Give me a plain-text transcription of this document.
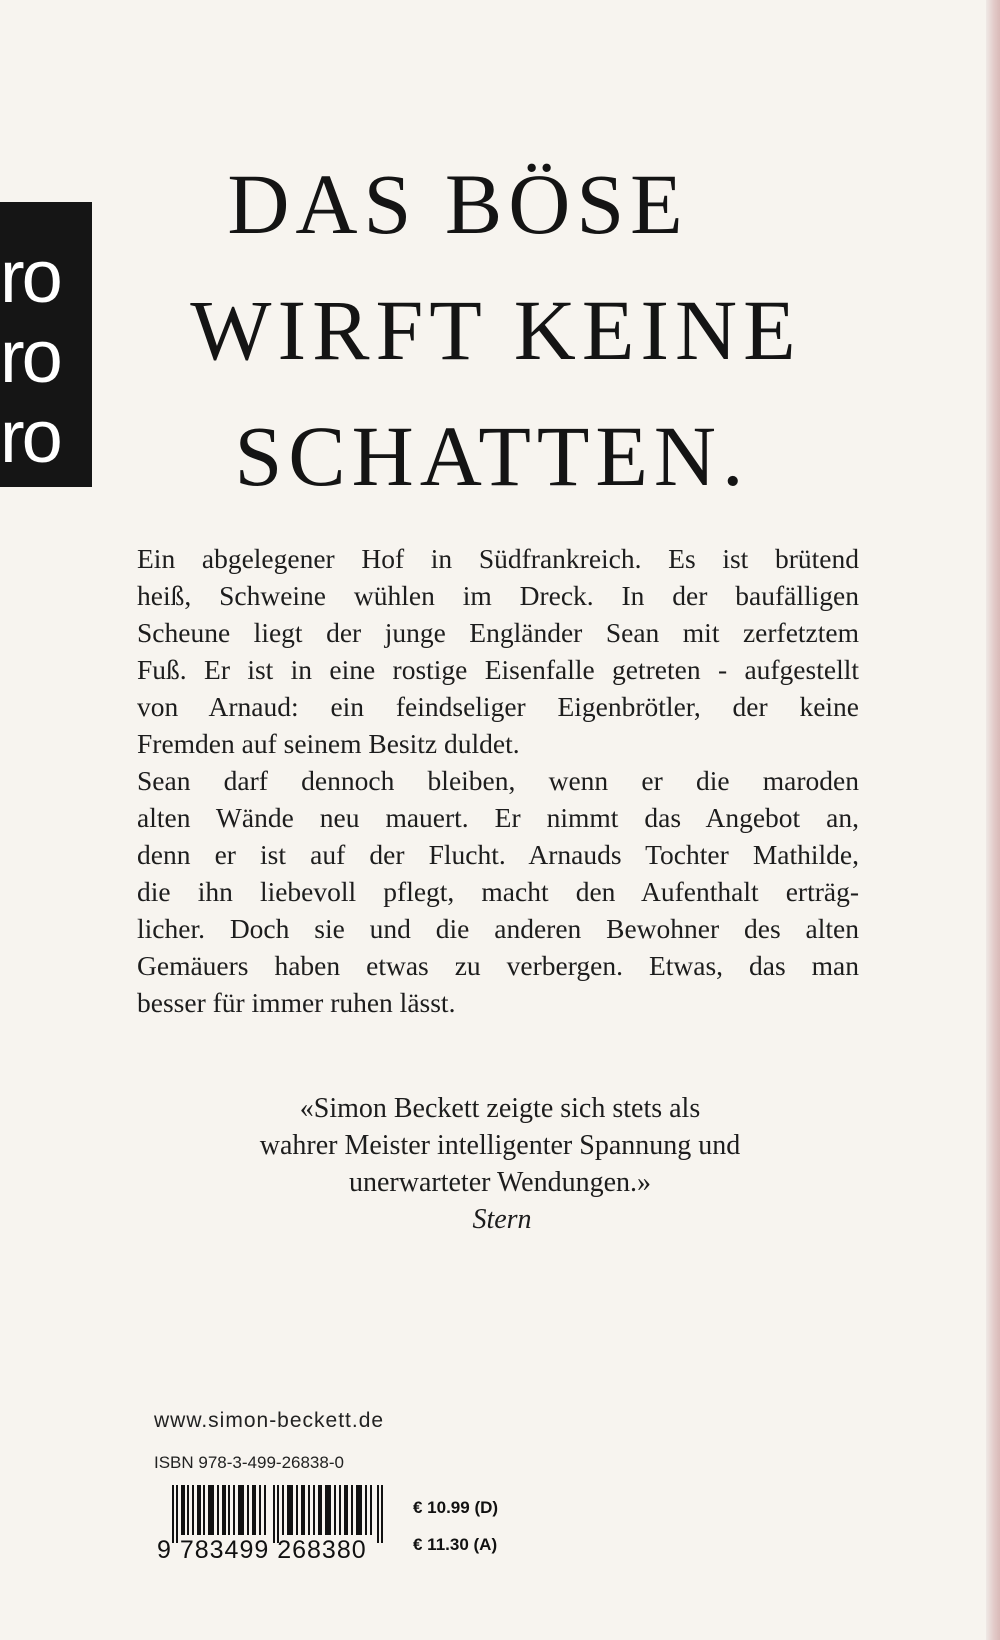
ro
ro
ro
DAS BÖSE
WIRFT KEINE
SCHATTEN.
Ein abgelegener Hof in Südfrankreich. Es ist brütend
heiß, Schweine wühlen im Dreck. In der baufälligen
Scheune liegt der junge Engländer Sean mit zerfetztem
Fuß. Er ist in eine rostige Eisenfalle getreten - aufgestellt
von Arnaud: ein feindseliger Eigenbrötler, der keine
Fremden auf seinem Besitz duldet.
Sean darf dennoch bleiben, wenn er die maroden
alten Wände neu mauert. Er nimmt das Angebot an,
denn er ist auf der Flucht. Arnauds Tochter Mathilde,
die ihn liebevoll pflegt, macht den Aufenthalt erträg-
licher. Doch sie und die anderen Bewohner des alten
Gemäuers haben etwas zu verbergen. Etwas, das man
besser für immer ruhen lässt.
«Simon Beckett zeigte sich stets als
wahrer Meister intelligenter Spannung und
unerwarteter Wendungen.»
Stern
www.simon-beckett.de
ISBN 978-3-499-26838-0
9 783499 268380
€ 10.99 (D)
€ 11.30 (A)
